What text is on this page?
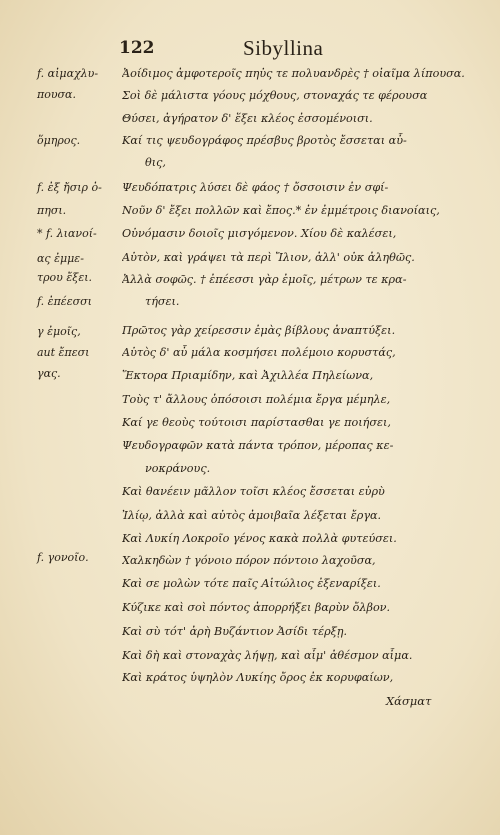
122	Sibyllina
f. αἰμαχλυ-
πουσα.
ὅμηρος.
f. ἐξ ἤσιρ ὁ-
πησι.
* f. λιανοί-
ας ἐμμε-
τρου ἔξει.
f. ἐπέεσσι
γ ἐμοῖς,
aut ἔπεσι
γας.
f. γονοῖο.
Ἀοίδιμος ἀμφοτεροῖς πηὐς τε πολυανδρὲς † οἰαῖμα λίπουσα.
Σοὶ δὲ μάλιστα γόους μόχθους, στοναχάς τε φέρουσα
Θύσει, ἀγήρατον δ' ἕξει κλέος ἐσσομένοισι.
Καί τις ψευδογράφος πρέσβυς βροτὸς ἔσσεται αὖ-
θις,
Ψευδόπατρις λύσει δὲ φάος † ὄσσοισιν ἐν σφί-
Νοῦν δ' ἔξει πολλῶν καὶ ἔπος.* ἐν ἐμμέτροις διανοίαις,
Οὐνόμασιν δοιοῖς μισγόμενον. Χίου δὲ καλέσει,
Αὐτὸν, καὶ γράψει τὰ περὶ Ἴλιον, ἀλλ' οὐκ ἀληθῶς.
Ἀλλὰ σοφῶς. † ἐπέεσσι γὰρ ἐμοῖς, μέτρων τε κρα-
τήσει.
Πρῶτος γὰρ χείρεσσιν ἐμὰς βίβλους ἀναπτύξει.
Αὐτὸς δ' αὖ μάλα κοσμήσει πολέμοιο κορυστάς,
Ἕκτορα Πριαμίδην, καὶ Ἀχιλλέα Πηλείωνα,
Τοὺς τ' ἄλλους ὁπόσοισι πολέμια ἔργα μέμηλε,
Καί γε θεοὺς τούτοισι παρίστασθαι γε ποιήσει,
Ψευδογραφῶν κατὰ πάντα τρόπον, μέροπας κε-
νοκράνους.
Καὶ θανέειν μᾶλλον τοῖσι κλέος ἔσσεται εὐρὺ
Ἰλίῳ, ἀλλὰ καὶ αὐτὸς ἀμοιβαῖα λέξεται ἔργα.
Καὶ Λυκίη Λοκροῖο γένος κακὰ πολλὰ φυτεύσει.
Χαλκηδὼν † γόνοιο πόρον πόντοιο λαχοῦσα,
Καὶ σε μολὼν τότε παῖς Αἰτώλιος ἐξεναρίξει.
Κύζικε καὶ σοὶ πόντος ἀπορρήξει βαρὺν ὄλβον.
Καὶ σὺ τότ' ἀρὴ Βυζάντιον Ἀσίδι τέρξῃ.
Καὶ δὴ καὶ στοναχὰς λήψῃ, καὶ αἷμ' ἀθέσμον αἷμα.
Καὶ κράτος ὑψηλὸν Λυκίης ὄρος ἐκ κορυφαίων,
Χάσματ
